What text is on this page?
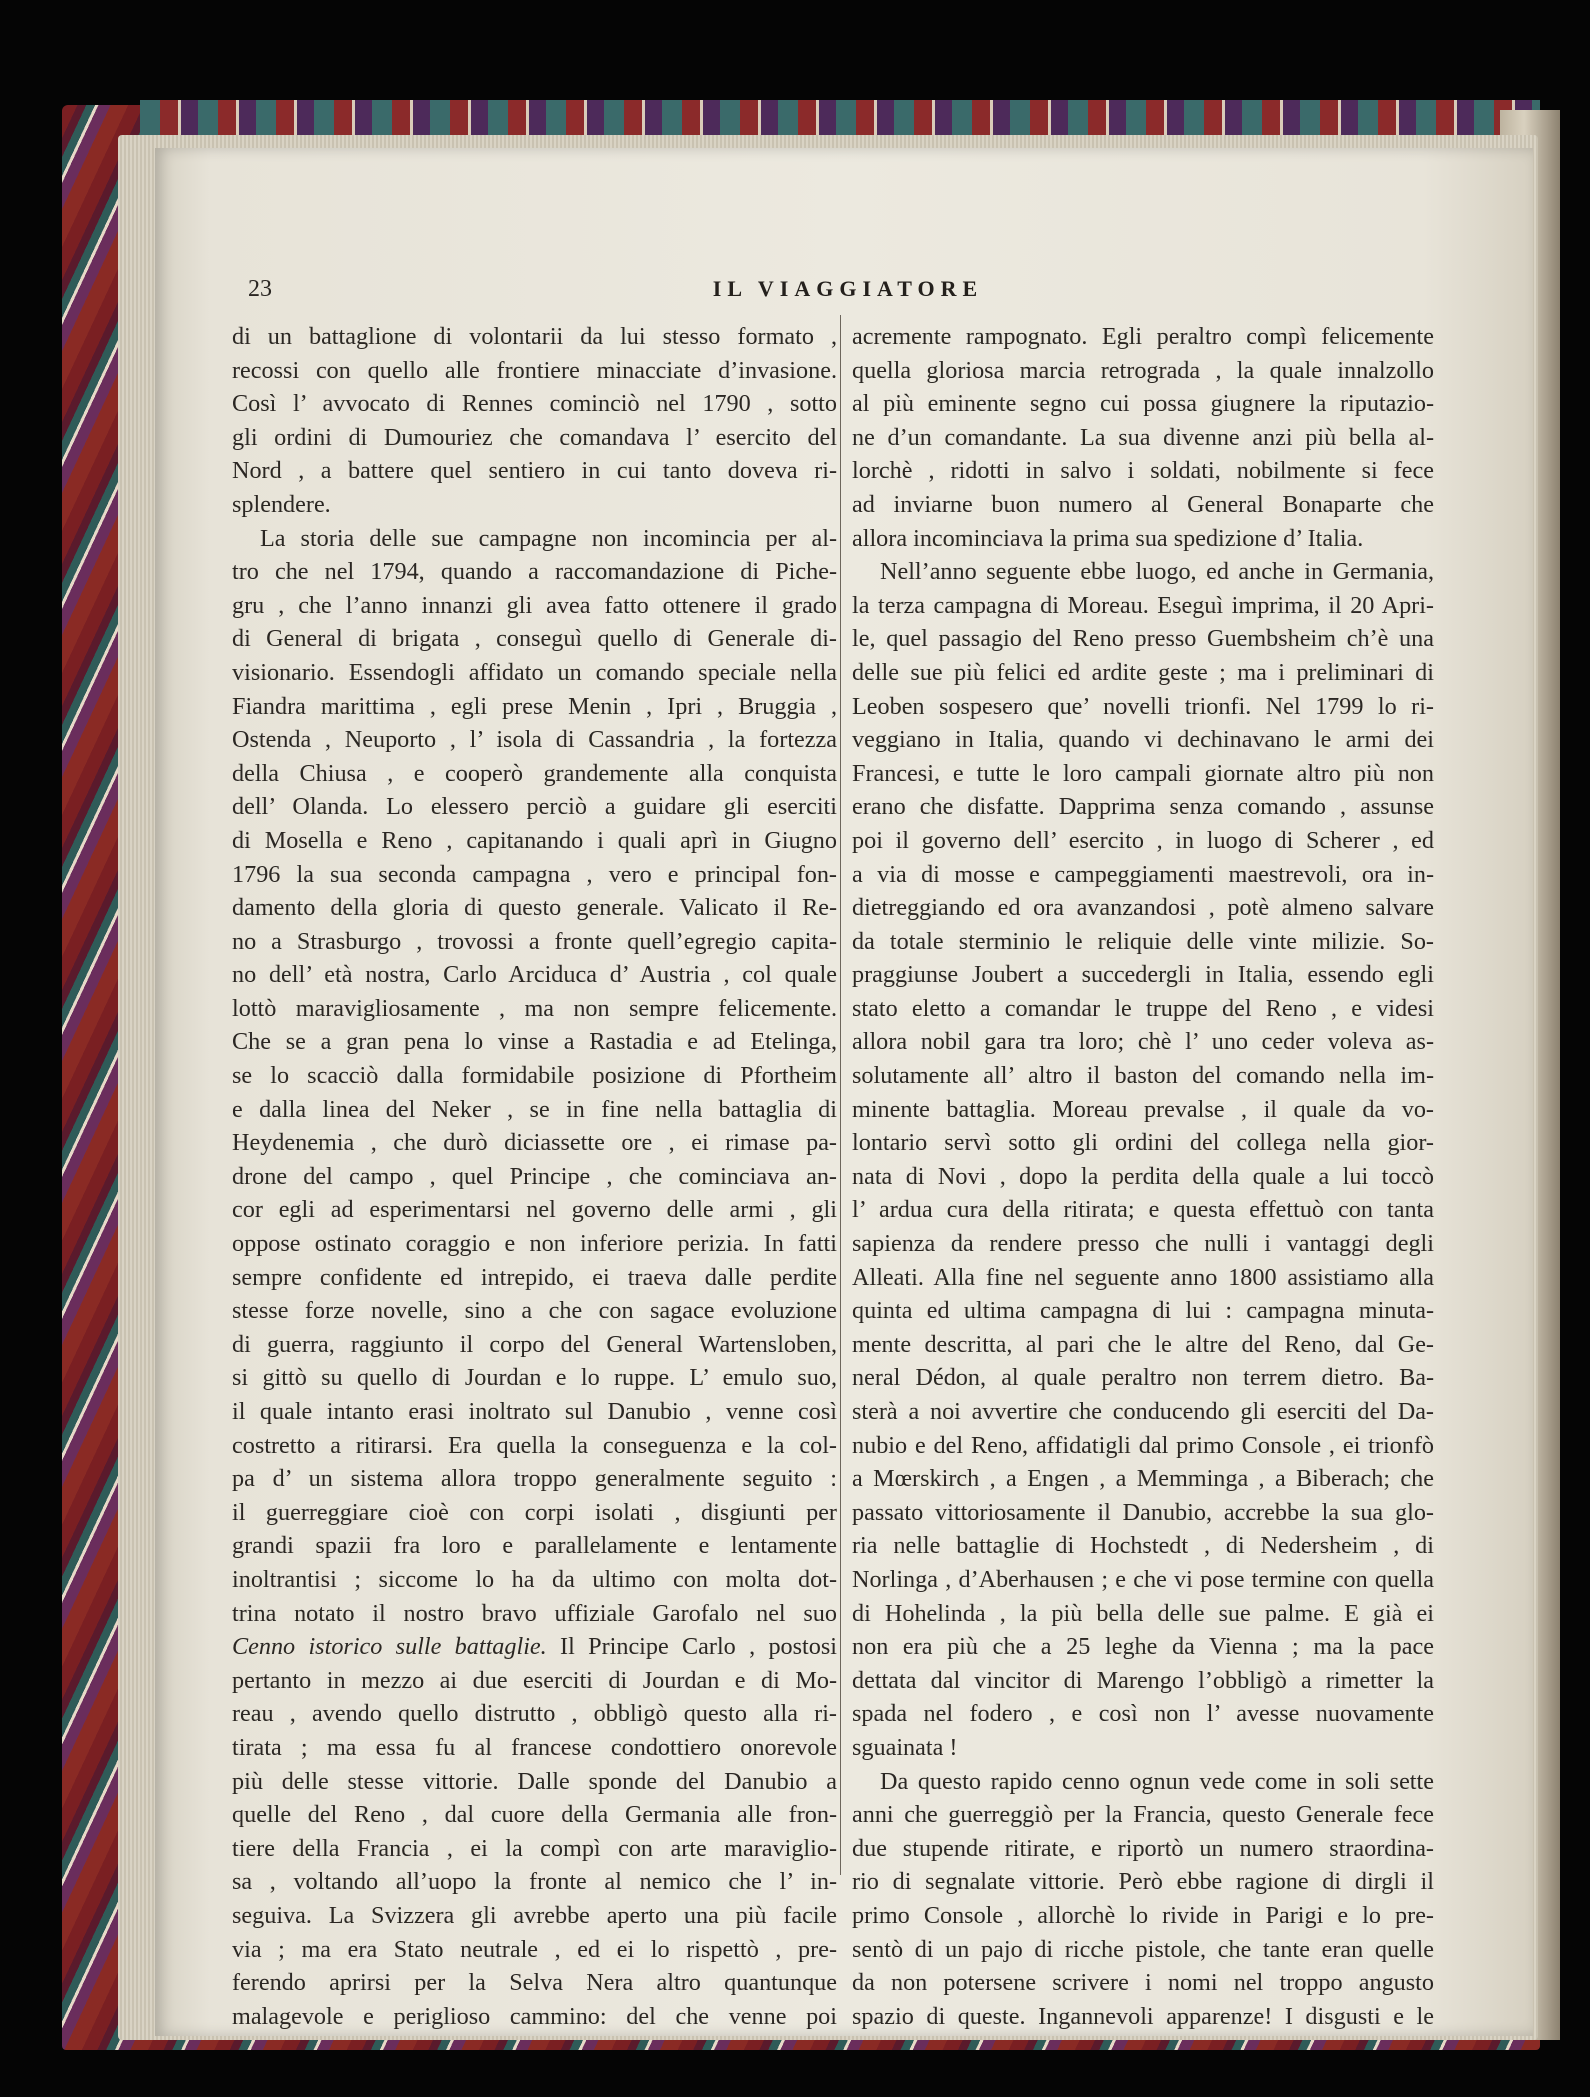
23	IL VIAGGIATORE
di un battaglione di volontarii da lui stesso formato ,
recossi con quello alle frontiere minacciate d’invasione.
Così l’ avvocato di Rennes cominciò nel 1790 , sotto
gli ordini di Dumouriez che comandava l’ esercito del
Nord , a battere quel sentiero in cui tanto doveva ri-
splendere.
La storia delle sue campagne non incomincia per al-
tro che nel 1794, quando a raccomandazione di Piche-
gru , che l’anno innanzi gli avea fatto ottenere il grado
di General di brigata , conseguì quello di Generale di-
visionario. Essendogli affidato un comando speciale nella
Fiandra marittima , egli prese Menin , Ipri , Bruggia ,
Ostenda , Neuporto , l’ isola di Cassandria , la fortezza
della Chiusa , e cooperò grandemente alla conquista
dell’ Olanda. Lo elessero perciò a guidare gli eserciti
di Mosella e Reno , capitanando i quali aprì in Giugno
1796 la sua seconda campagna , vero e principal fon-
damento della gloria di questo generale. Valicato il Re-
no a Strasburgo , trovossi a fronte quell’egregio capita-
no dell’ età nostra, Carlo Arciduca d’ Austria , col quale
lottò maravigliosamente , ma non sempre felicemente.
Che se a gran pena lo vinse a Rastadia e ad Etelinga,
se lo scacciò dalla formidabile posizione di Pfortheim
e dalla linea del Neker , se in fine nella battaglia di
Heydenemia , che durò diciassette ore , ei rimase pa-
drone del campo , quel Principe , che cominciava an-
cor egli ad esperimentarsi nel governo delle armi , gli
oppose ostinato coraggio e non inferiore perizia. In fatti
sempre confidente ed intrepido, ei traeva dalle perdite
stesse forze novelle, sino a che con sagace evoluzione
di guerra, raggiunto il corpo del General Wartensloben,
si gittò su quello di Jourdan e lo ruppe. L’ emulo suo,
il quale intanto erasi inoltrato sul Danubio , venne così
costretto a ritirarsi. Era quella la conseguenza e la col-
pa d’ un sistema allora troppo generalmente seguito :
il guerreggiare cioè con corpi isolati , disgiunti per
grandi spazii fra loro e parallelamente e lentamente
inoltrantisi ; siccome lo ha da ultimo con molta dot-
trina notato il nostro bravo uffiziale Garofalo nel suo
Cenno istorico sulle battaglie. Il Principe Carlo , postosi
pertanto in mezzo ai due eserciti di Jourdan e di Mo-
reau , avendo quello distrutto , obbligò questo alla ri-
tirata ; ma essa fu al francese condottiero onorevole
più delle stesse vittorie. Dalle sponde del Danubio a
quelle del Reno , dal cuore della Germania alle fron-
tiere della Francia , ei la compì con arte maraviglio-
sa , voltando all’uopo la fronte al nemico che l’ in-
seguiva. La Svizzera gli avrebbe aperto una più facile
via ; ma era Stato neutrale , ed ei lo rispettò , pre-
ferendo aprirsi per la Selva Nera altro quantunque
malagevole e periglioso cammino: del che venne poi
acremente rampognato. Egli peraltro compì felicemente
quella gloriosa marcia retrograda , la quale innalzollo
al più eminente segno cui possa giugnere la riputazio-
ne d’un comandante. La sua divenne anzi più bella al-
lorchè , ridotti in salvo i soldati, nobilmente si fece
ad inviarne buon numero al General Bonaparte che
allora incominciava la prima sua spedizione d’ Italia.
Nell’anno seguente ebbe luogo, ed anche in Germania,
la terza campagna di Moreau. Eseguì imprima, il 20 Apri-
le, quel passagio del Reno presso Guembsheim ch’è una
delle sue più felici ed ardite geste ; ma i preliminari di
Leoben sospesero que’ novelli trionfi. Nel 1799 lo ri-
veggiano in Italia, quando vi dechinavano le armi dei
Francesi, e tutte le loro campali giornate altro più non
erano che disfatte. Dapprima senza comando , assunse
poi il governo dell’ esercito , in luogo di Scherer , ed
a via di mosse e campeggiamenti maestrevoli, ora in-
dietreggiando ed ora avanzandosi , potè almeno salvare
da totale sterminio le reliquie delle vinte milizie. So-
praggiunse Joubert a succedergli in Italia, essendo egli
stato eletto a comandar le truppe del Reno , e videsi
allora nobil gara tra loro; chè l’ uno ceder voleva as-
solutamente all’ altro il baston del comando nella im-
minente battaglia. Moreau prevalse , il quale da vo-
lontario servì sotto gli ordini del collega nella gior-
nata di Novi , dopo la perdita della quale a lui toccò
l’ ardua cura della ritirata; e questa effettuò con tanta
sapienza da rendere presso che nulli i vantaggi degli
Alleati. Alla fine nel seguente anno 1800 assistiamo alla
quinta ed ultima campagna di lui : campagna minuta-
mente descritta, al pari che le altre del Reno, dal Ge-
neral Dédon, al quale peraltro non terrem dietro. Ba-
sterà a noi avvertire che conducendo gli eserciti del Da-
nubio e del Reno, affidatigli dal primo Console , ei trionfò
a Mœrskirch , a Engen , a Memminga , a Biberach; che
passato vittoriosamente il Danubio, accrebbe la sua glo-
ria nelle battaglie di Hochstedt , di Nedersheim , di
Norlinga , d’Aberhausen ; e che vi pose termine con quella
di Hohelinda , la più bella delle sue palme. E già ei
non era più che a 25 leghe da Vienna ; ma la pace
dettata dal vincitor di Marengo l’obbligò a rimetter la
spada nel fodero , e così non l’ avesse nuovamente
sguainata !
Da questo rapido cenno ognun vede come in soli sette
anni che guerreggiò per la Francia, questo Generale fece
due stupende ritirate, e riportò un numero straordina-
rio di segnalate vittorie. Però ebbe ragione di dirgli il
primo Console , allorchè lo rivide in Parigi e lo pre-
sentò di un pajo di ricche pistole, che tante eran quelle
da non potersene scrivere i nomi nel troppo angusto
spazio di queste. Ingannevoli apparenze! I disgusti e le
